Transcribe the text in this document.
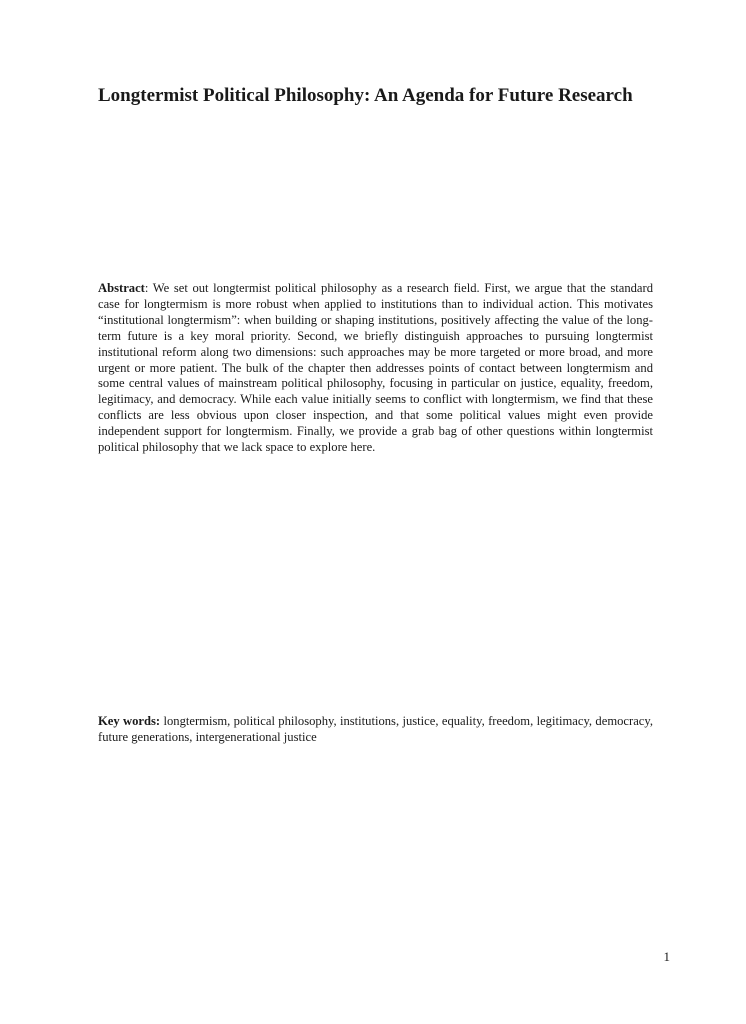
Longtermist Political Philosophy: An Agenda for Future Research

Abstract: We set out longtermist political philosophy as a research field. First, we argue that the standard case for longtermism is more robust when applied to institutions than to individual action. This motivates “institutional longtermism”: when building or shaping institutions, positively affecting the value of the long-term future is a key moral priority. Second, we briefly distinguish approaches to pursuing longtermist institutional reform along two dimensions: such approaches may be more targeted or more broad, and more urgent or more patient. The bulk of the chapter then addresses points of contact between longtermism and some central values of mainstream political philosophy, focusing in particular on justice, equality, freedom, legitimacy, and democracy. While each value initially seems to conflict with longtermism, we find that these conflicts are less obvious upon closer inspection, and that some political values might even provide independent support for longtermism. Finally, we provide a grab bag of other questions within longtermist political philosophy that we lack space to explore here.

Key words: longtermism, political philosophy, institutions, justice, equality, freedom, legitimacy, democracy, future generations, intergenerational justice

1
